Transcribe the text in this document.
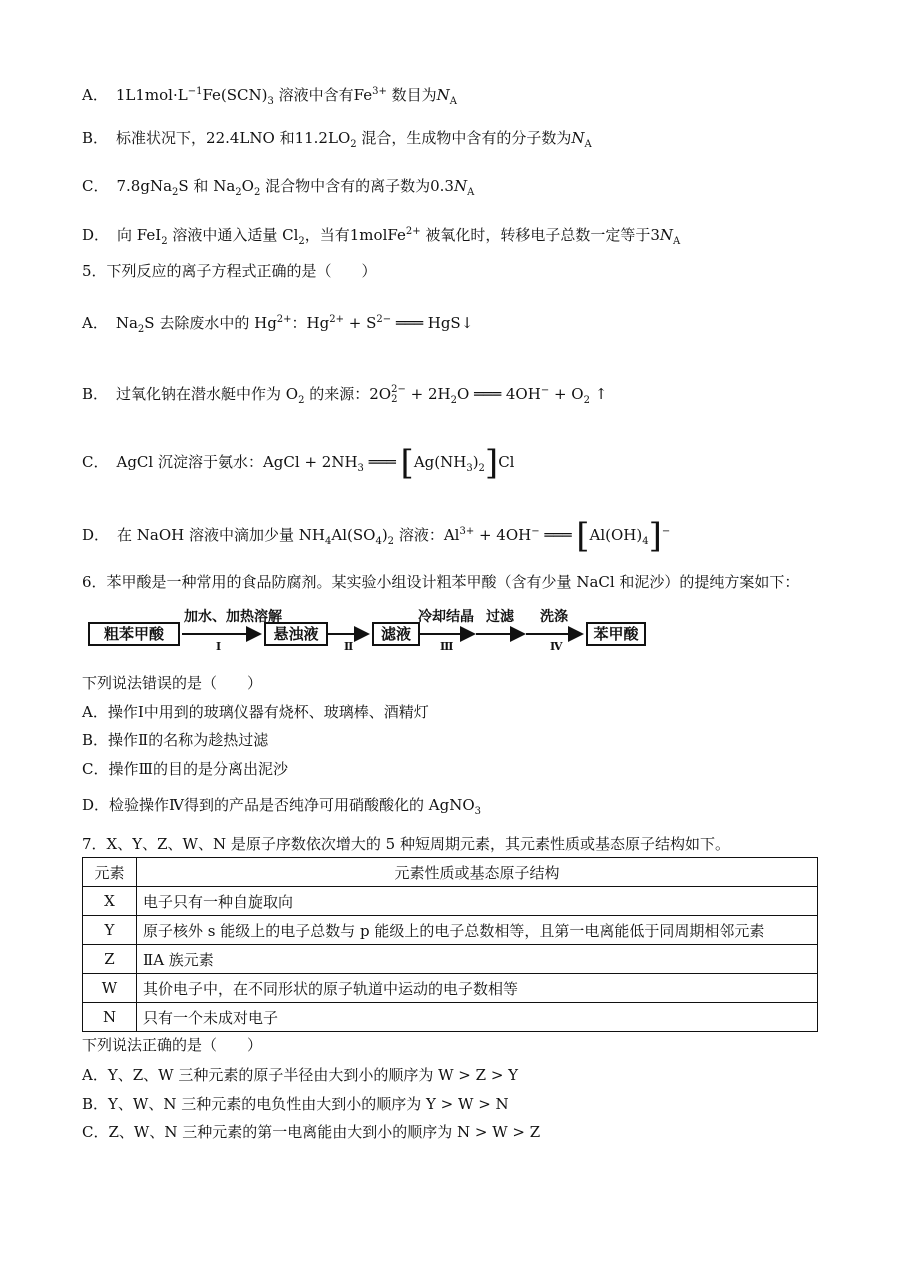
A． $1L1mol\cdot L^{-1}Fe(SCN)_3$ 溶液中含有$Fe^{3+}$ 数目为$N_A$
B． 标准状况下，22.4LNO 和$11.2LO_2$ 混合，生成物中含有的分子数为$N_A$
C． 7.8gNa$_2$S 和 $Na_2O_2$ 混合物中含有的离子数为$0.3N_A$
D． 向 FeI$_2$ 溶液中通入适量 $Cl_2$，当有1molFe$^{2+}$ 被氧化时，转移电子总数一定等于$3N_A$
5．下列反应的离子方程式正确的是（　　）
A． $Na_2S$ 去除废水中的 $Hg^{2+}$：$Hg^{2+} + S^{2-}$ ═══ HgS↓
B． 过氧化钠在潜水艇中作为 $O_2$ 的来源：2O 2−
$2 + 2H_2O$ ═══ $4OH^- + O_2$ ↑
C． AgCl 沉淀溶于氨水：AgCl + $2NH_3$ ═══ $[Ag(NH_3)_2]Cl$
D． 在 NaOH 溶液中滴加少量 $NH_4Al(SO_4)_2$ 溶液：$Al^{3+} + 4OH^-$ ═══ $[Al(OH)_4]^-$
6．苯甲酸是一种常用的食品防腐剂。某实验小组设计粗苯甲酸（含有少量 NaCl 和泥沙）的提纯方案如下：
粗苯甲酸	悬浊液	滤液	苯甲酸
加水、加热溶解
Ⅰ	Ⅱ
冷却结晶
Ⅲ
过滤 洗涤
Ⅳ
下列说法错误的是（　　）
A．操作Ⅰ中用到的玻璃仪器有烧杯、玻璃棒、酒精灯
B．操作Ⅱ的名称为趁热过滤
C．操作Ⅲ的目的是分离出泥沙
D．检验操作Ⅳ得到的产品是否纯净可用硝酸酸化的 AgNO$_3$
7．X、Y、Z、W、N 是原子序数依次增大的 5 种短周期元素，其元素性质或基态原子结构如下。
元素	元素性质或基态原子结构
X	电子只有一种自旋取向
Y	原子核外 s 能级上的电子总数与 p 能级上的电子总数相等，且第一电离能低于同周期相邻元素
Z	ⅡA 族元素
W	其价电子中，在不同形状的原子轨道中运动的电子数相等
N	只有一个未成对电子
下列说法正确的是（　　）
A．Y、Z、W 三种元素的原子半径由大到小的顺序为 W > Z > Y
B．Y、W、N 三种元素的电负性由大到小的顺序为 Y > W > N
C．Z、W、N 三种元素的第一电离能由大到小的顺序为 N > W > Z
